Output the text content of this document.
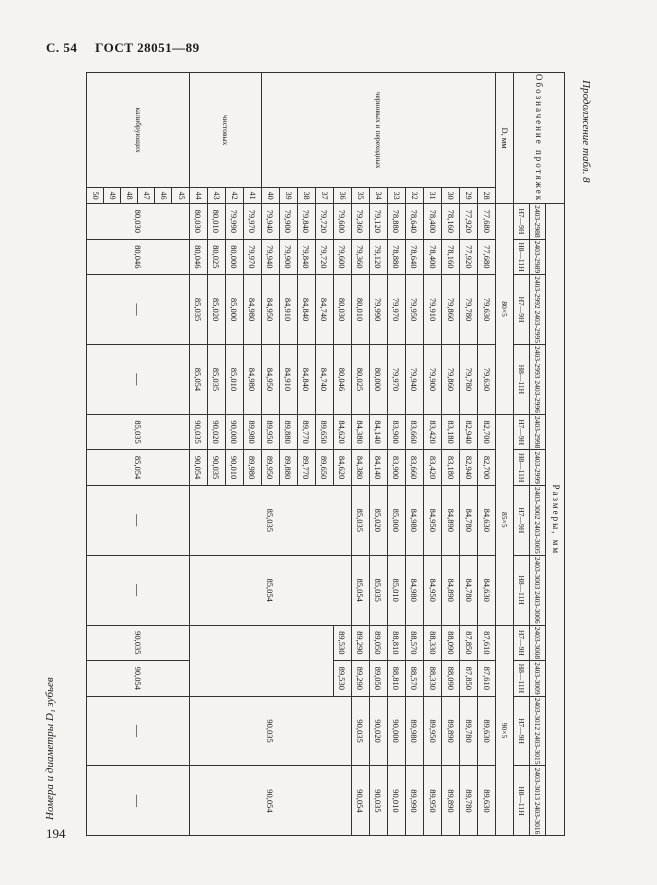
С. 54 ГОСТ 28051—89
Продолжение табл. 8
Номера и диаметры D₁ зубьев
194
Обозначение протяжек		Размеры, мм											
		2403-2988	2403-2989	2403-2992 2403-2995	2403-2993 2403-2996	2403-2998	2403-2999	2403-3002 2403-3005	2403-3003 2403-3006	2403-3008	2403-3009	2403-3012 2403-3015	2403-3013 2403-3016
		Н7—9Н	Н8—11Н	Н7—9Н	Н8—11Н	Н7—9Н	Н8—11Н	Н7—9Н	Н8—11Н	Н7—9Н	Н8—11Н	Н7—9Н	Н8—11Н
D, мм		80×5				85×5				90×5			
черновых и переходных	28	77,680	77,680	79,630	79,630	82,700	82,700	84,630	84,630	87,610	87,610	89,630	89,630
	29	77,920	77,920	79,780	79,780	82,940	82,940	84,780	84,780	87,850	87,850	89,780	89,780
	30	78,160	78,160	79,860	79,860	83,180	83,180	84,890	84,890	88,090	88,090	89,890	89,890
	31	78,400	78,400	79,910	79,900	83,420	83,420	84,950	84,950	88,330	88,330	89,950	89,950
	32	78,640	78,640	79,950	79,940	83,660	83,660	84,980	84,980	88,570	88,570	89,980	89,990
	33	78,880	78,880	79,970	79,970	83,900	83,900	85,000	85,010	88,810	88,810	90,000	90,010
	34	79,120	79,120	79,990	80,000	84,140	84,140	85,020	85,035	89,050	89,050	90,020	90,035
	35	79,360	79,360	80,010	80,025	84,380	84,380	85,035	85,054	89,290	89,290	90,035	90,054
	36	79,600	79,600	80,030	80,046	84,620	84,620	85,035	85,054	89,530	89,530	90,035	90,054
	37	79,720	79,720	84,740	84,740	89,650	89,650						
	38	79,840	79,840	84,840	84,840	89,770	89,770						
	39	79,900	79,900	84,910	84,910	89,880	89,880						
	40	79,940	79,940	84,950	84,950	89,950	89,950						
чистовых	41	79,970	79,970	84,980	84,980	89,980	89,980						
	42	79,990	80,000	85,000	85,010	90,000	90,010						
	43	80,010	80,025	85,020	85,035	90,020	90,035						
	44	80,030	80,046	85,035	85,054	90,035	90,054						
калибрующих	45	80,030	80,046	—	—	85,035	85,054	—	—	90,035	90,054	—	—
	46												
	47												
	48												
	49												
	50												
